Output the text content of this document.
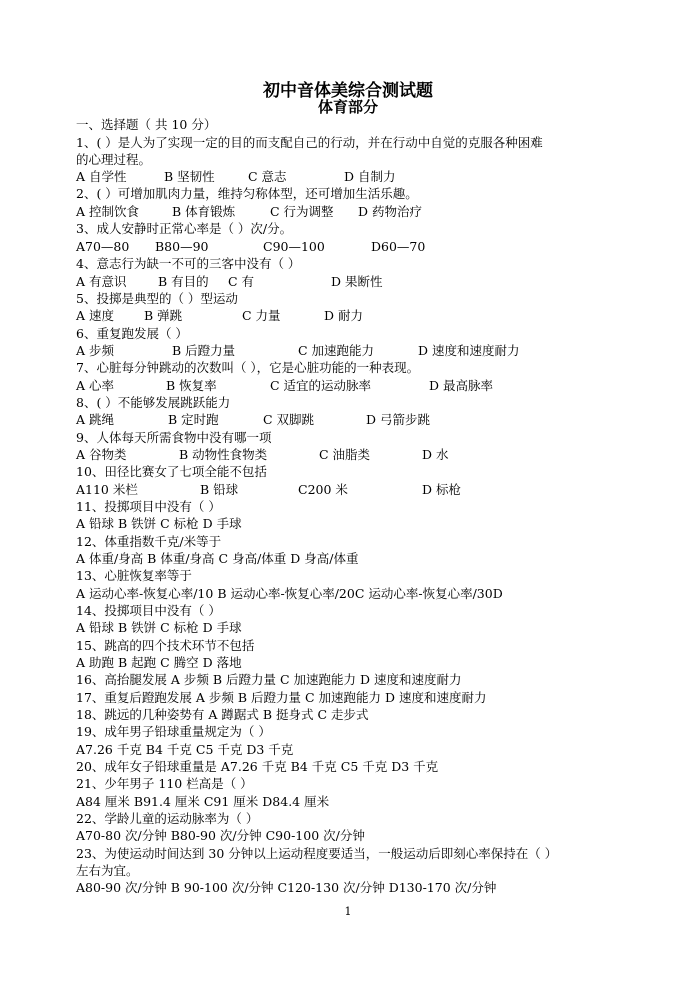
初中音体美综合测试题
体育部分
一、选择题（ 共 10 分）
1、( ）是人为了实现一定的目的而支配自己的行动，并在行动中自觉的克服各种困难
的心理过程。
A 自学性	B 坚韧性	C 意志	D 自制力
2、( ）可增加肌肉力量，维持匀称体型，还可增加生活乐趣。
A 控制饮食	B 体育锻炼	C 行为调整 D 药物治疗
3、成人安静时正常心率是（ ）次/分。
A70—80 B80—90	C90—100	D60—70
4、意志行为缺一不可的三客中没有（ ）
A 有意识	B 有目的 C 有	D 果断性
5、投掷是典型的（ ）型运动
A 速度 B 弹跳	C 力量	D 耐力
6、重复跑发展（ ）
A 步频	B 后蹬力量	C 加速跑能力	D 速度和速度耐力
7、心脏每分钟跳动的次数叫（ ），它是心脏功能的一种表现。
A 心率	B 恢复率	C 适宜的运动脉率	D 最高脉率
8、( ）不能够发展跳跃能力
A 跳绳	B 定时跑	C 双脚跳	D 弓箭步跳
9、人体每天所需食物中没有哪一项
A 谷物类	B 动物性食物类	C 油脂类	D 水
10、田径比赛女了七项全能不包括
A110 米栏	B 铅球	C200 米	D 标枪
11、投掷项目中没有（ ）
A 铅球 B 铁饼 C 标枪 D 手球
12、体重指数千克/米等于
A 体重/身高 B 体重/身高 C 身高/体重 D 身高/体重
13、心脏恢复率等于
A 运动心率-恢复心率/10 B 运动心率-恢复心率/20C 运动心率-恢复心率/30D
14、投掷项目中没有（ ）
A 铅球 B 铁饼 C 标枪 D 手球
15、跳高的四个技术环节不包括
A 助跑 B 起跑 C 腾空 D 落地
16、高抬腿发展 A 步频 B 后蹬力量 C 加速跑能力 D 速度和速度耐力
17、重复后蹬跑发展 A 步频 B 后蹬力量 C 加速跑能力 D 速度和速度耐力
18、跳远的几种姿势有 A 蹲踞式 B 挺身式 C 走步式
19、成年男子铅球重量规定为（ ）
A7.26 千克 B4 千克 C5 千克 D3 千克
20、成年女子铅球重量是 A7.26 千克 B4 千克 C5 千克 D3 千克
21、少年男子 110 栏高是（ ）
A84 厘米 B91.4 厘米 C91 厘米 D84.4 厘米
22、学龄儿童的运动脉率为（ ）
A70-80 次/分钟 B80-90 次/分钟 C90-100 次/分钟
23、为使运动时间达到 30 分钟以上运动程度要适当，一般运动后即刻心率保持在（ ）
左右为宜。
A80-90 次/分钟 B 90-100 次/分钟 C120-130 次/分钟 D130-170 次/分钟
1
